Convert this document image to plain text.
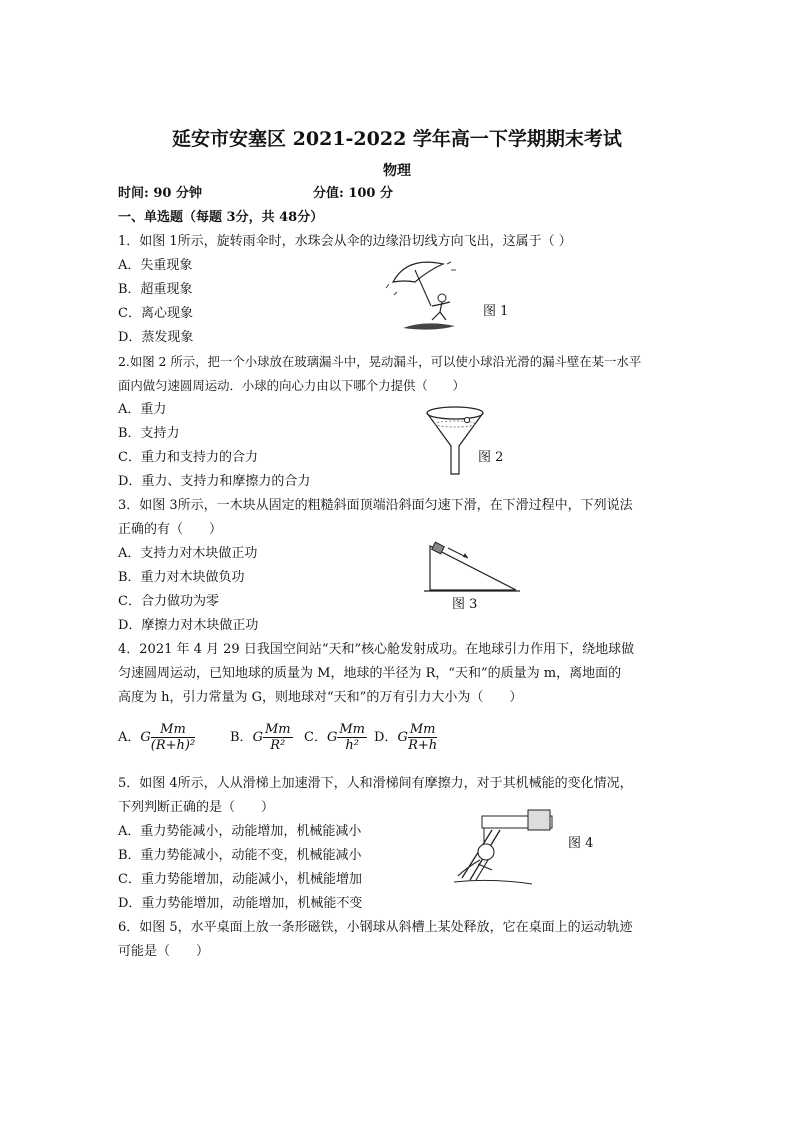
延安市安塞区 2021-2022 学年高一下学期期末考试
物理
时间: 90 分钟	分值: 100 分
一、单选题（每题 3分，共 48分）
1．如图 1所示，旋转雨伞时，水珠会从伞的边缘沿切线方向飞出，这属于（ ）
A．失重现象
B．超重现象
C．离心现象
D．蒸发现象
图 1
2.如图 2 所示，把一个小球放在玻璃漏斗中，晃动漏斗，可以使小球沿光滑的漏斗壁在某一水平
面内做匀速圆周运动．小球的向心力由以下哪个力提供（　　）
A．重力
B．支持力
C．重力和支持力的合力
D．重力、支持力和摩擦力的合力
图 2
3．如图 3所示，一木块从固定的粗糙斜面顶端沿斜面匀速下滑，在下滑过程中，下列说法
正确的有（　　）
A．支持力对木块做正功
B．重力对木块做负功
C．合力做功为零
D．摩擦力对木块做正功
图 3
4．2021 年 4 月 29 日我国空间站“天和”核心舱发射成功。在地球引力作用下，绕地球做
匀速圆周运动，已知地球的质量为 M，地球的半径为 R，“天和”的质量为 m，离地面的
高度为 h，引力常量为 G，则地球对“天和”的万有引力大小为（　　）
A．G $\frac{Mm}{\text{(R+h)²}}$	B．G $\frac{Mm}{\text{R²}}$ C．G $\frac{Mm}{\text{h²}}$ D．G $\frac{Mm}{R+h}$
5．如图 4所示，人从滑梯上加速滑下，人和滑梯间有摩擦力，对于其机械能的变化情况，
下列判断正确的是（　　）
A．重力势能减小，动能增加，机械能减小
B．重力势能减小，动能不变，机械能减小
C．重力势能增加，动能减小，机械能增加
D．重力势能增加，动能增加，机械能不变
图 4
6．如图 5，水平桌面上放一条形磁铁，小钢球从斜槽上某处释放，它在桌面上的运动轨迹
可能是（　　）
